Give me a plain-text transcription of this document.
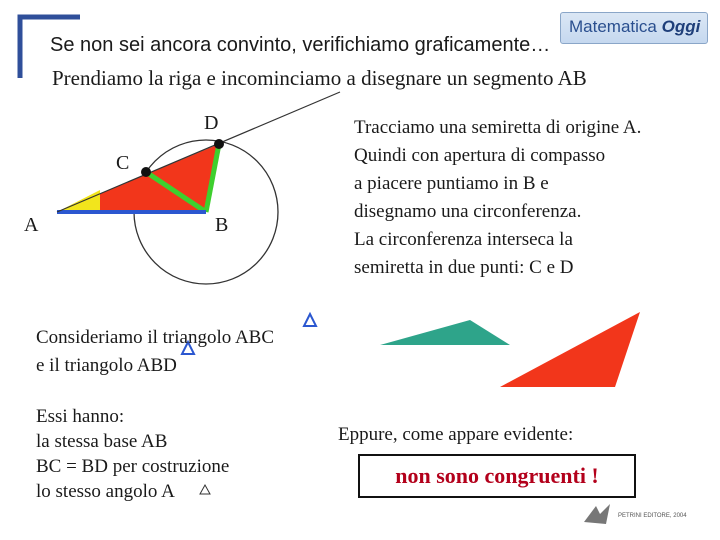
Matematica Oggi
Se non sei ancora convinto, verifichiamo graficamente…
Prendiamo la riga e incominciamo a disegnare un segmento AB
D
C
A	B
Tracciamo una semiretta di origine A.
Quindi con apertura di compasso
a piacere puntiamo in B e
disegnamo una circonferenza.
La circonferenza interseca la
semiretta in due punti: C e D
Consideriamo il triangolo ABC
e il triangolo ABD
Essi hanno:
la stessa base AB
BC = BD per costruzione
lo stesso angolo A
Eppure, come appare evidente:
non sono congruenti !
PETRINI EDITORE, 2004
